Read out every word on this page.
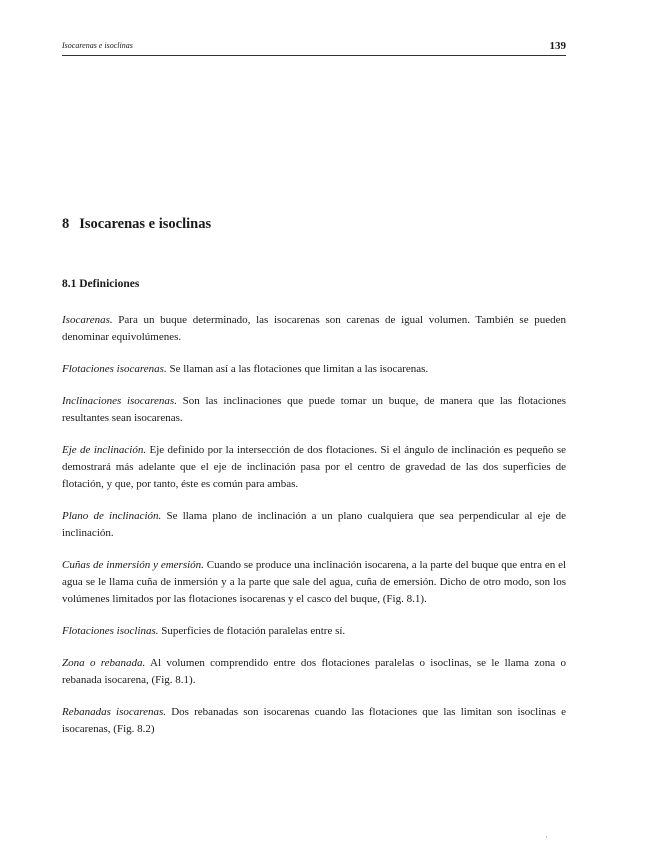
Isocarenas e isoclinas	139
8 Isocarenas e isoclinas
8.1 Definiciones

Isocarenas. Para un buque determinado, las isocarenas son carenas de igual volumen. También se pueden denominar equivolúmenes.

Flotaciones isocarenas. Se llaman así a las flotaciones que limitan a las isocarenas.

Inclinaciones isocarenas. Son las inclinaciones que puede tomar un buque, de manera que las flotaciones resultantes sean isocarenas.

Eje de inclinación. Eje definido por la intersección de dos flotaciones. Si el ángulo de inclinación es pequeño se demostrará más adelante que el eje de inclinación pasa por el centro de gravedad de las dos superficies de flotación, y que, por tanto, éste es común para ambas.

Plano de inclinación. Se llama plano de inclinación a un plano cualquiera que sea perpendicular al eje de inclinación.

Cuñas de inmersión y emersión. Cuando se produce una inclinación isocarena, a la parte del buque que entra en el agua se le llama cuña de inmersión y a la parte que sale del agua, cuña de emersión. Dicho de otro modo, son los volúmenes limitados por las flotaciones isocarenas y el casco del buque, (Fig. 8.1).

Flotaciones isoclinas. Superficies de flotación paralelas entre sí.

Zona o rebanada. Al volumen comprendido entre dos flotaciones paralelas o isoclinas, se le llama zona o rebanada isocarena, (Fig. 8.1).

Rebanadas isocarenas. Dos rebanadas son isocarenas cuando las flotaciones que las limitan son isoclinas e isocarenas, (Fig. 8.2)

·
